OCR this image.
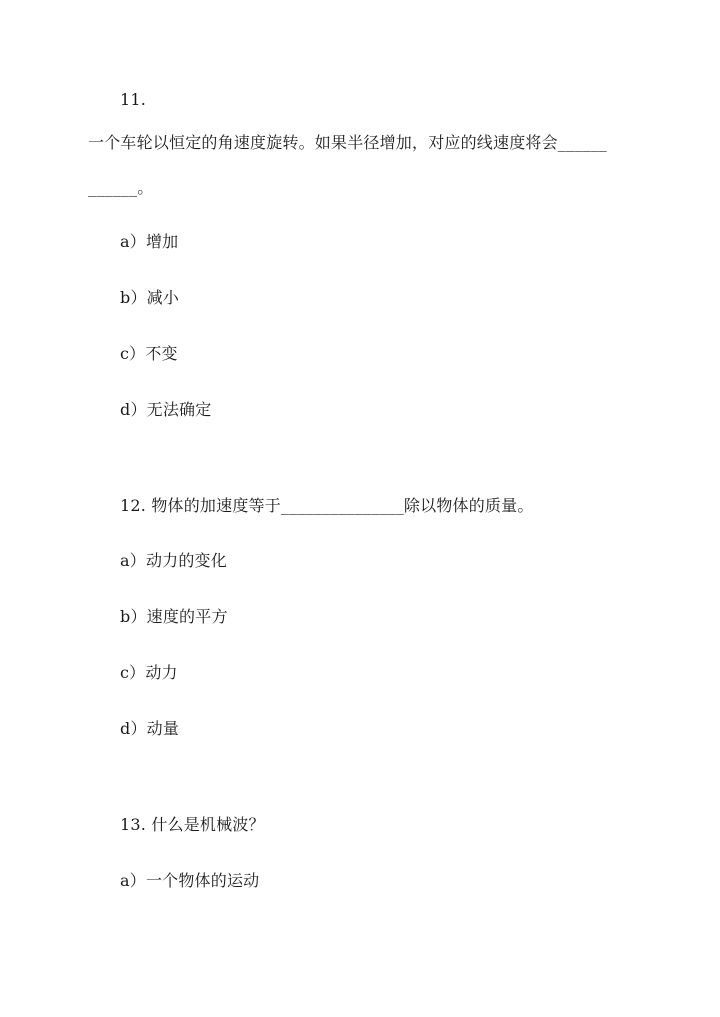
11.
一个车轮以恒定的角速度旋转。如果半径增加，对应的线速度将会______
______。
a）增加
b）减小
c）不变
d）无法确定
12. 物体的加速度等于_______________除以物体的质量。
a）动力的变化
b）速度的平方
c）动力
d）动量
13. 什么是机械波？
a）一个物体的运动
